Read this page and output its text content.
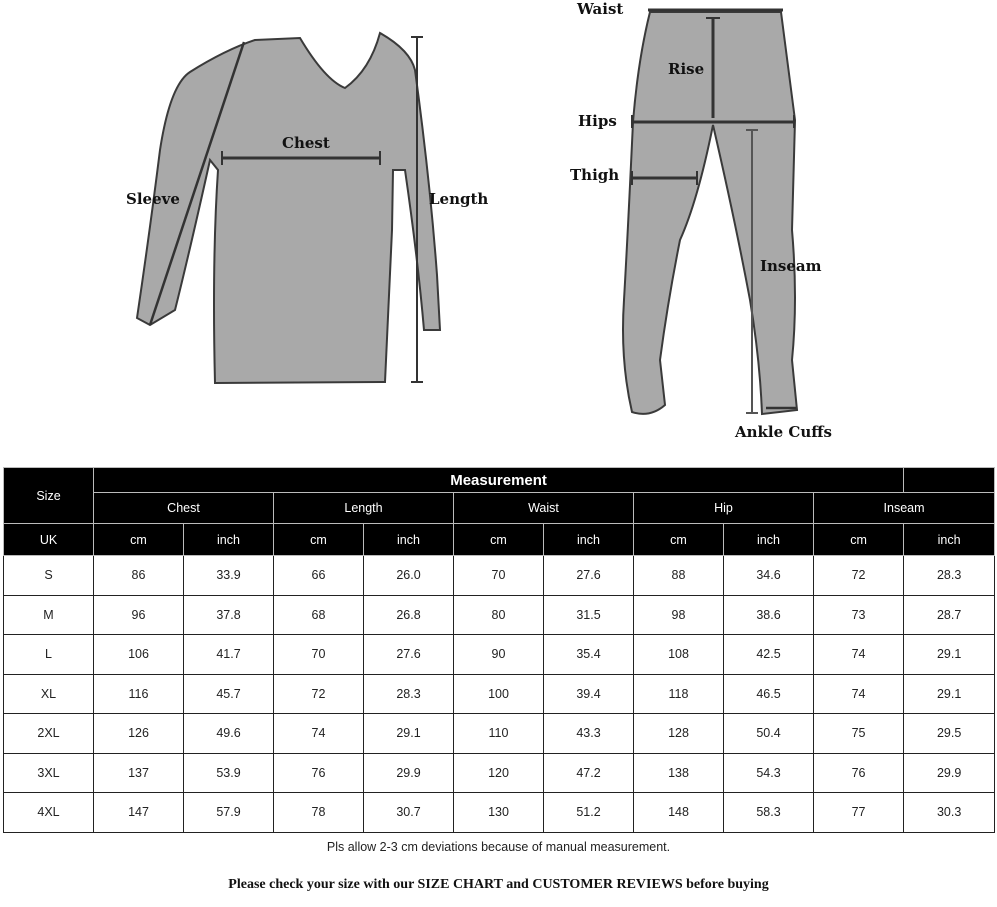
Sleeve
Chest
Length
Waist
Rise
Hips
Thigh
Inseam
Ankle Cuffs
Size	Measurement									
	Chest		Length		Waist		Hip		Inseam	
UK	cm	inch	cm	inch	cm	inch	cm	inch	cm	inch
S	86	33.9	66	26.0	70	27.6	88	34.6	72	28.3
M	96	37.8	68	26.8	80	31.5	98	38.6	73	28.7
L	106	41.7	70	27.6	90	35.4	108	42.5	74	29.1
XL	116	45.7	72	28.3	100	39.4	118	46.5	74	29.1
2XL	126	49.6	74	29.1	110	43.3	128	50.4	75	29.5
3XL	137	53.9	76	29.9	120	47.2	138	54.3	76	29.9
4XL	147	57.9	78	30.7	130	51.2	148	58.3	77	30.3
Pls allow 2-3 cm deviations because of manual measurement.
Please check your size with our SIZE CHART and CUSTOMER REVIEWS before buying
